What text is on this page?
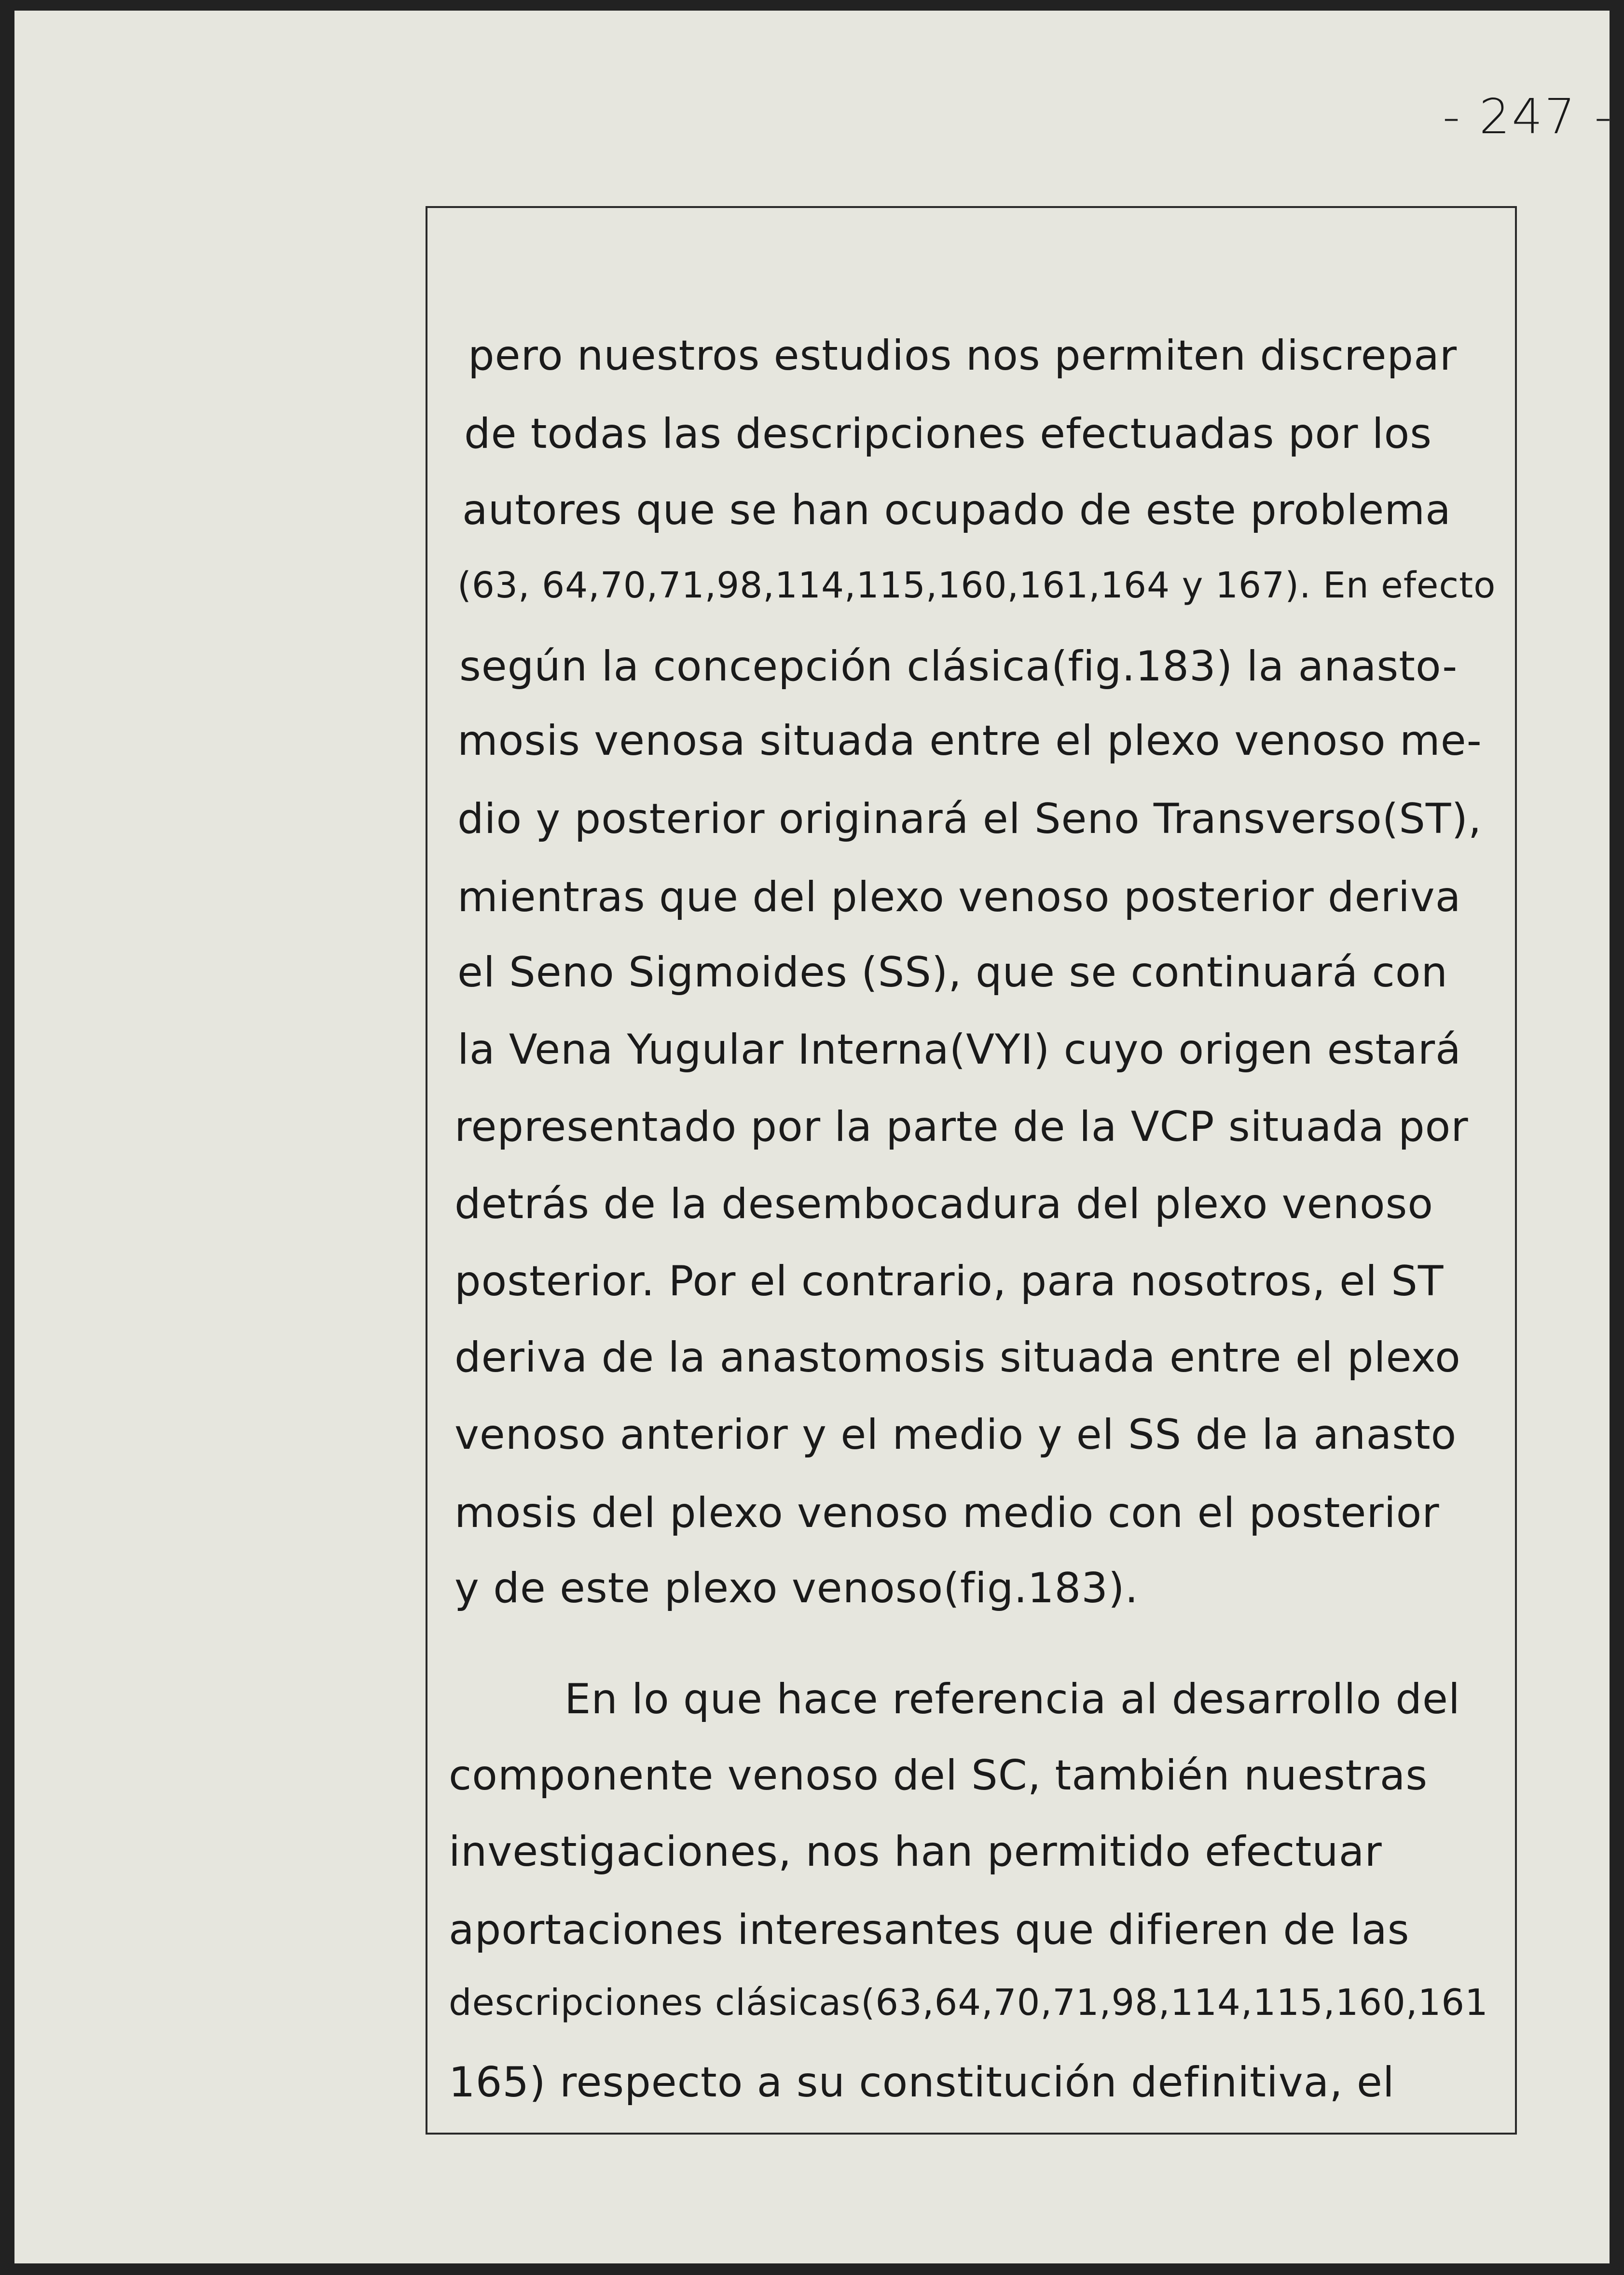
- 247 -
pero nuestros estudios nos permiten discrepar
de todas las descripciones efectuadas por los
autores que se han ocupado de este problema
(63, 64,70,71,98,114,115,160,161,164 y 167). En efecto
según la concepción clásica(fig.183) la anasto-
mosis venosa situada entre el plexo venoso me-
dio y posterior originará el Seno Transverso(ST),
mientras que del plexo venoso posterior deriva
el Seno Sigmoides (SS), que se continuará con
la Vena Yugular Interna(VYI) cuyo origen estará
representado por la parte de la VCP situada por
detrás de la desembocadura del plexo venoso
posterior. Por el contrario, para nosotros, el ST
deriva de la anastomosis situada entre el plexo
venoso anterior y el medio y el SS de la anasto
mosis del plexo venoso medio con el posterior
y de este plexo venoso(fig.183).
En lo que hace referencia al desarrollo del
componente venoso del SC, también nuestras
investigaciones, nos han permitido efectuar
aportaciones interesantes que difieren de las
descripciones clásicas(63,64,70,71,98,114,115,160,161
165) respecto a su constitución definitiva, el
